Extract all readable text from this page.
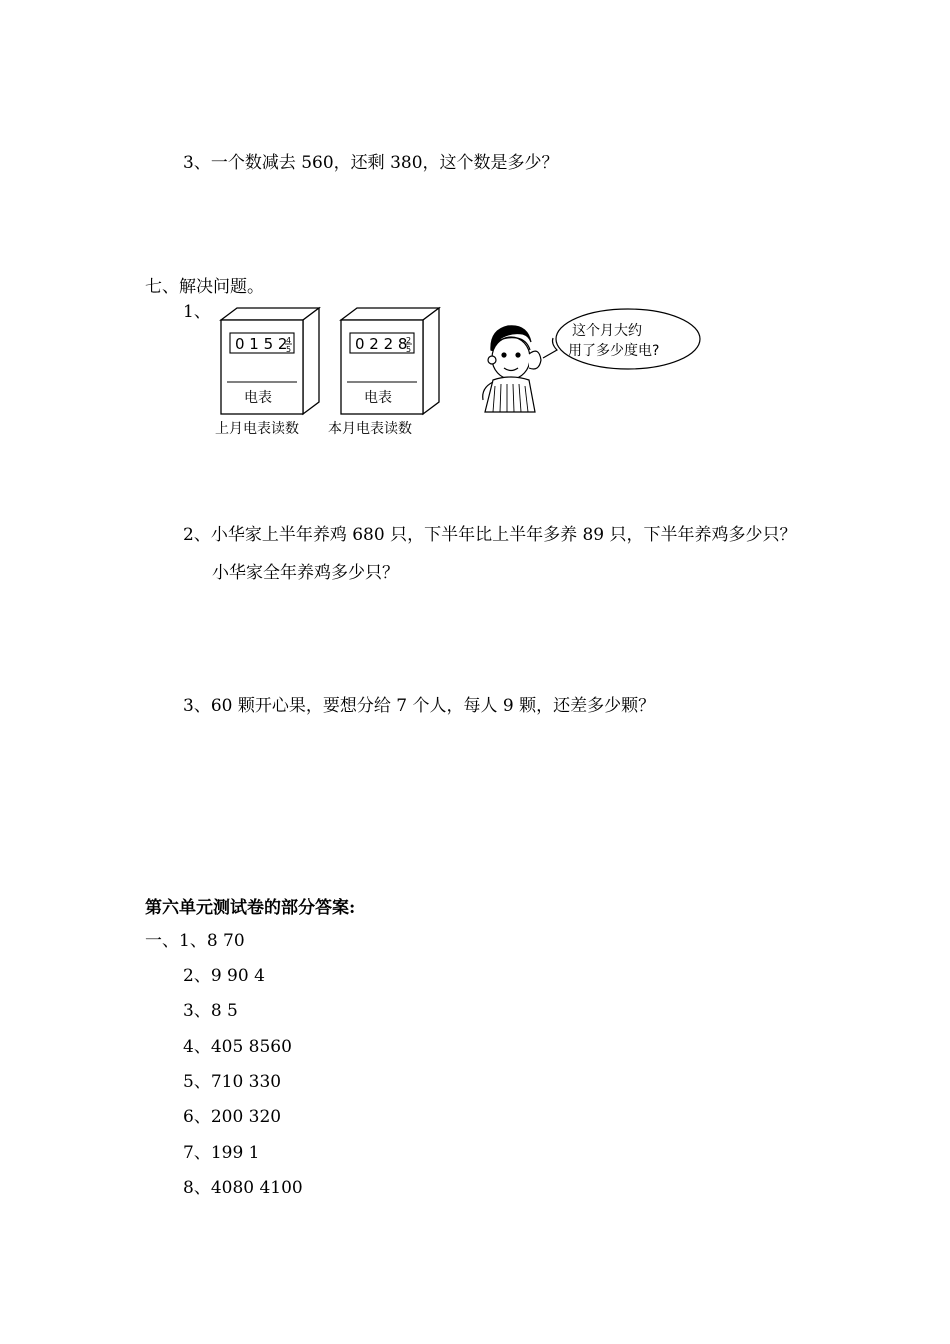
3、一个数减去 560，还剩 380，这个数是多少？
七、解决问题。
1、
0 1 5 2
4
5
电表
0 2 2 8
2
5
电表
上月电表读数 本月电表读数
这个月大约
用了多少度电?
2、小华家上半年养鸡 680 只，下半年比上半年多养 89 只，下半年养鸡多少只？
小华家全年养鸡多少只？
3、60 颗开心果，要想分给 7 个人，每人 9 颗，还差多少颗？
第六单元测试卷的部分答案:
一、1、8 70
2、9 90 4
3、8 5
4、405 8560
5、710 330
6、200 320
7、199 1
8、4080 4100
